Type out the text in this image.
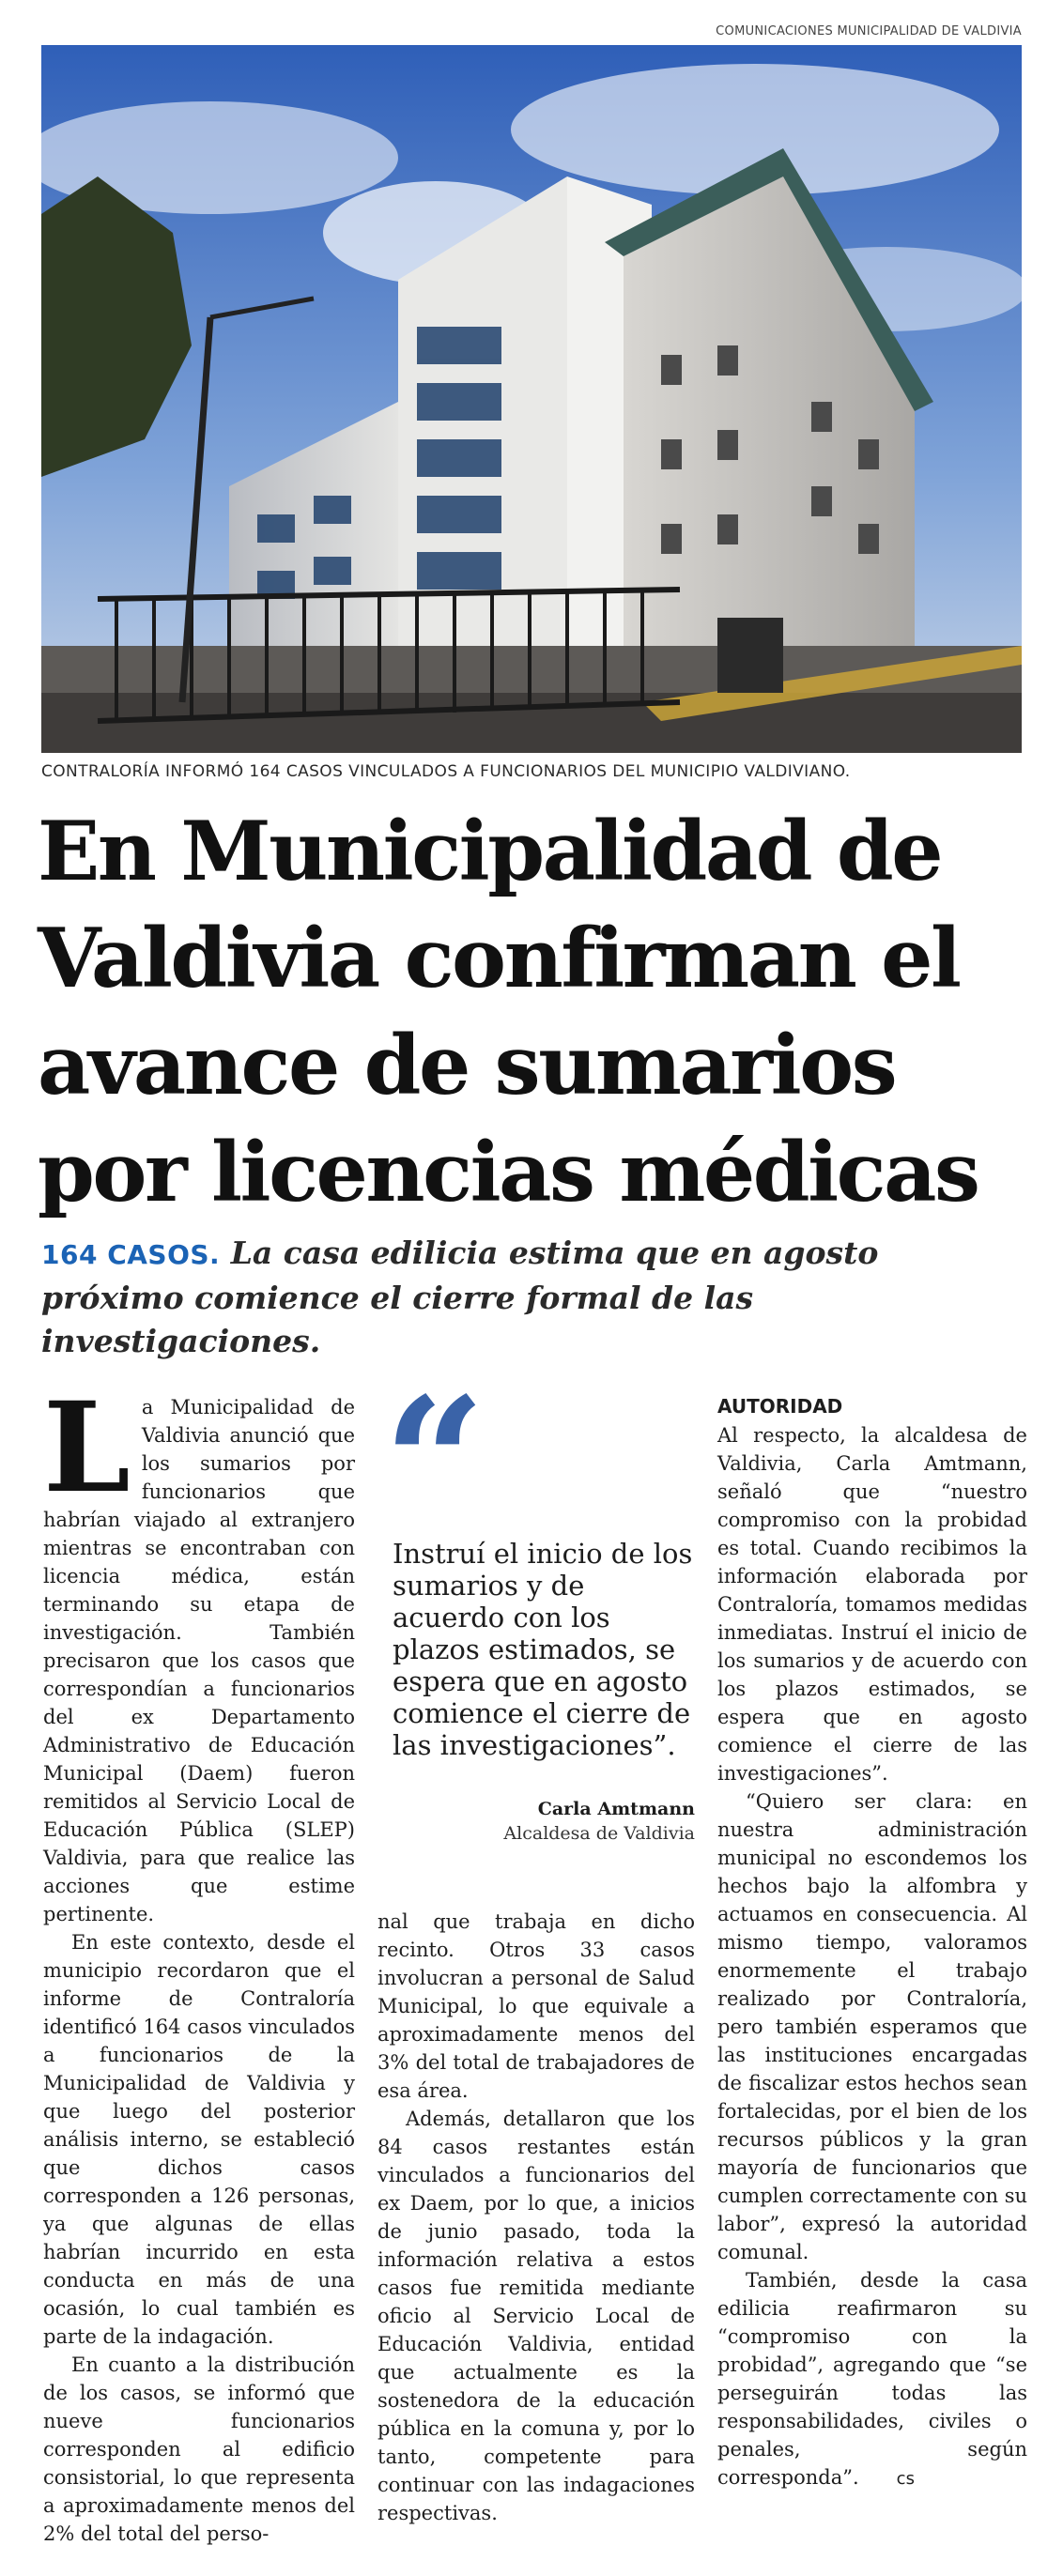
COMUNICACIONES MUNICIPALIDAD DE VALDIVIA
CONTRALORÍA INFORMÓ 164 CASOS VINCULADOS A FUNCIONARIOS DEL MUNICIPIO VALDIVIANO.
En Municipalidad de
Valdivia confirman el
avance de sumarios
por licencias médicas
164 CASOS. La casa edilicia estima que en agosto próximo comience el cierre formal de las investigaciones.

La Municipalidad de Valdivia anunció que los sumarios por funcionarios que habrían viajado al extranjero mientras se encontraban con licencia médica, están terminando su etapa de investigación. También precisaron que los casos que correspondían a funcionarios del ex Departamento Administrativo de Educación Municipal (Daem) fueron remitidos al Servicio Local de Educación Pública (SLEP) Valdivia, para que realice las acciones que estime pertinente.

En este contexto, desde el municipio recordaron que el informe de Contraloría identificó 164 casos vinculados a funcionarios de la Municipalidad de Valdivia y que luego del posterior análisis interno, se estableció que dichos casos corresponden a 126 personas, ya que algunas de ellas habrían incurrido en esta conducta en más de una ocasión, lo cual también es parte de la indagación.

En cuanto a la distribución de los casos, se informó que nueve funcionarios corresponden al edificio consistorial, lo que representa a aproximadamente menos del 2% del total del perso-

“
Instruí el inicio de los sumarios y de acuerdo con los plazos estimados, se espera que en agosto comience el cierre de las investigaciones”.
Carla Amtmann
Alcaldesa de Valdivia

nal que trabaja en dicho recinto. Otros 33 casos involucran a personal de Salud Municipal, lo que equivale a aproximadamente menos del 3% del total de trabajadores de esa área.

Además, detallaron que los 84 casos restantes están vinculados a funcionarios del ex Daem, por lo que, a inicios de junio pasado, toda la información relativa a estos casos fue remitida mediante oficio al Servicio Local de Educación Valdivia, entidad que actualmente es la sostenedora de la educación pública en la comuna y, por lo tanto, competente para continuar con las indagaciones respectivas.

AUTORIDAD

Al respecto, la alcaldesa de Valdivia, Carla Amtmann, señaló que “nuestro compromiso con la probidad es total. Cuando recibimos la información elaborada por Contraloría, tomamos medidas inmediatas. Instruí el inicio de los sumarios y de acuerdo con los plazos estimados, se espera que en agosto comience el cierre de las investigaciones”.

“Quiero ser clara: en nuestra administración municipal no escondemos los hechos bajo la alfombra y actuamos en consecuencia. Al mismo tiempo, valoramos enormemente el trabajo realizado por Contraloría, pero también esperamos que las instituciones encargadas de fiscalizar estos hechos sean fortalecidas, por el bien de los recursos públicos y la gran mayoría de funcionarios que cumplen correctamente con su labor”, expresó la autoridad comunal.

También, desde la casa edilicia reafirmaron su “compromiso con la probidad”, agregando que “se perseguirán todas las responsabilidades, civiles o penales, según corresponda”. cs
